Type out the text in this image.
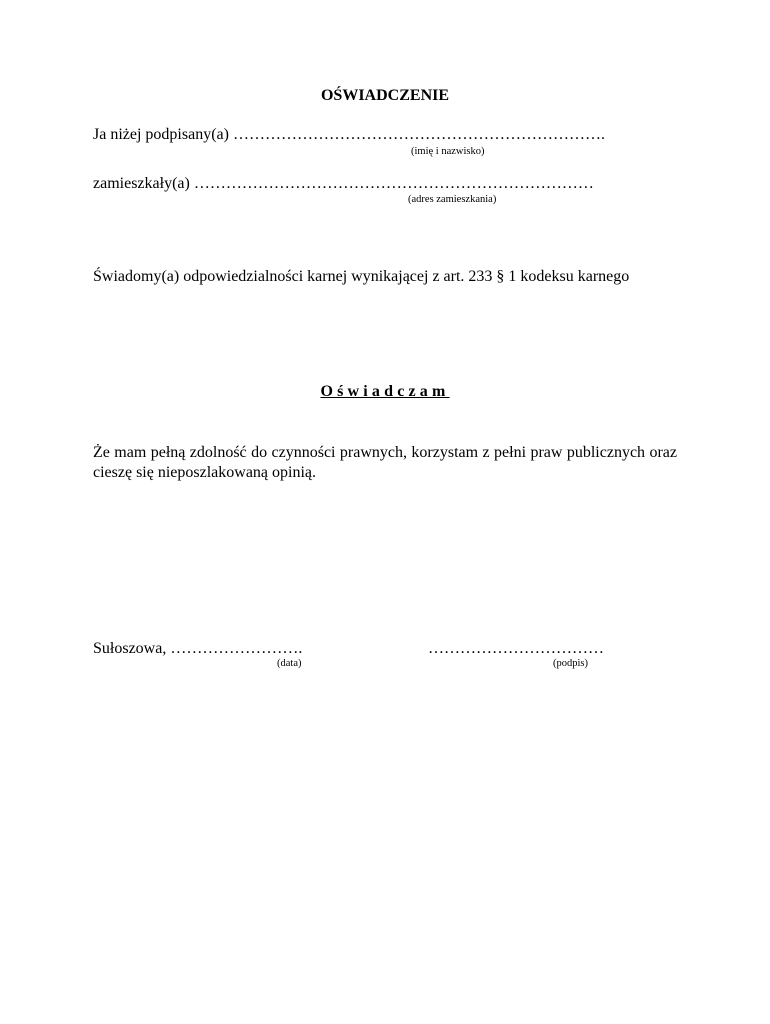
OŚWIADCZENIE
Ja niżej podpisany(a) …………………………………………………………….
(imię i nazwisko)
zamieszkały(a) …………………………………………………………………
(adres zamieszkania)
Świadomy(a) odpowiedzialności karnej wynikającej z art. 233 § 1 kodeksu karnego
Oświadczam
Że mam pełną zdolność do czynności prawnych, korzystam z pełni praw publicznych oraz cieszę się nieposzlakowaną opinią.
Sułoszowa, …………………….
(data)
……………………………
(podpis)
